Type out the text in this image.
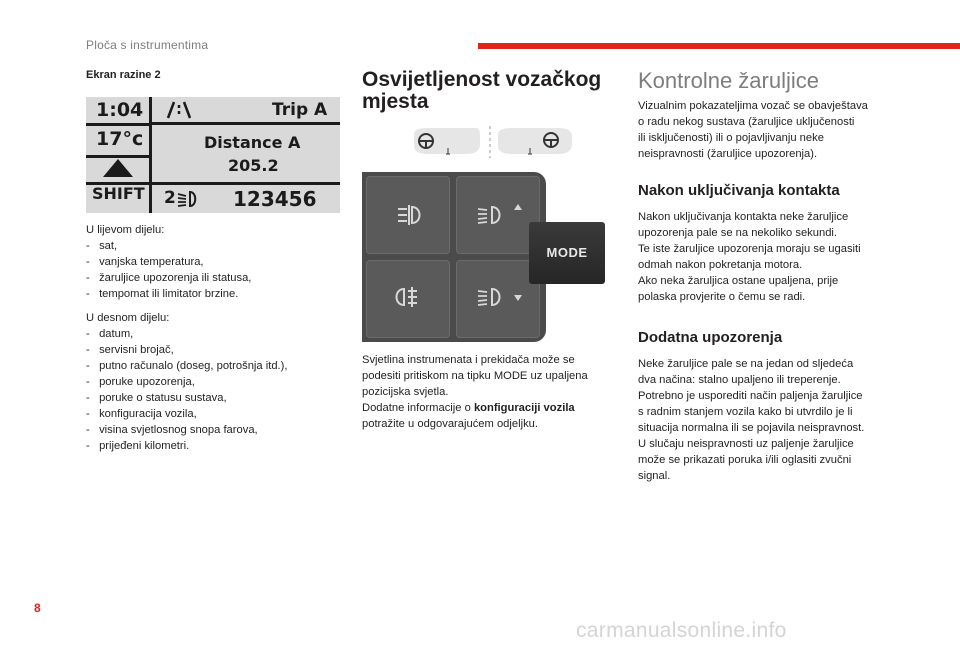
Ploča s instrumentima
Ekran razine 2
1:04
17°c
SHIFT
Trip A
Distance A
205.2
2	123456
U lijevom dijelu:
-   sat,
-   vanjska temperatura,
-   žaruljice upozorenja ili statusa,
-   tempomat ili limitator brzine.
U desnom dijelu:
-   datum,
-   servisni brojač,
-   putno računalo (doseg, potrošnja itd.),
-   poruke upozorenja,
-   poruke o statusu sustava,
-   konfiguracija vozila,
-   visina svjetlosnog snopa farova,
-   prijeđeni kilometri.
Osvijetljenost vozačkog
mjesta
MODE
Svjetlina instrumenata i prekidača može se
podesiti pritiskom na tipku MODE uz upaljena
pozicijska svjetla.
Dodatne informacije o konfiguraciji vozila
potražite u odgovarajućem odjeljku.
Kontrolne žaruljice
Vizualnim pokazateljima vozač se obavještava
o radu nekog sustava (žaruljice uključenosti
ili isključenosti) ili o pojavljivanju neke
neispravnosti (žaruljice upozorenja).
Nakon uključivanja kontakta
Nakon uključivanja kontakta neke žaruljice
upozorenja pale se na nekoliko sekundi.
Te iste žaruljice upozorenja moraju se ugasiti
odmah nakon pokretanja motora.
Ako neka žaruljica ostane upaljena, prije
polaska provjerite o čemu se radi.
Dodatna upozorenja
Neke žaruljice pale se na jedan od sljedeća
dva načina: stalno upaljeno ili treperenje.
Potrebno je usporediti način paljenja žaruljice
s radnim stanjem vozila kako bi utvrdilo je li
situacija normalna ili se pojavila neispravnost.
U slučaju neispravnosti uz paljenje žaruljice
može se prikazati poruka i/ili oglasiti zvučni
signal.
8
carmanualsonline.info
